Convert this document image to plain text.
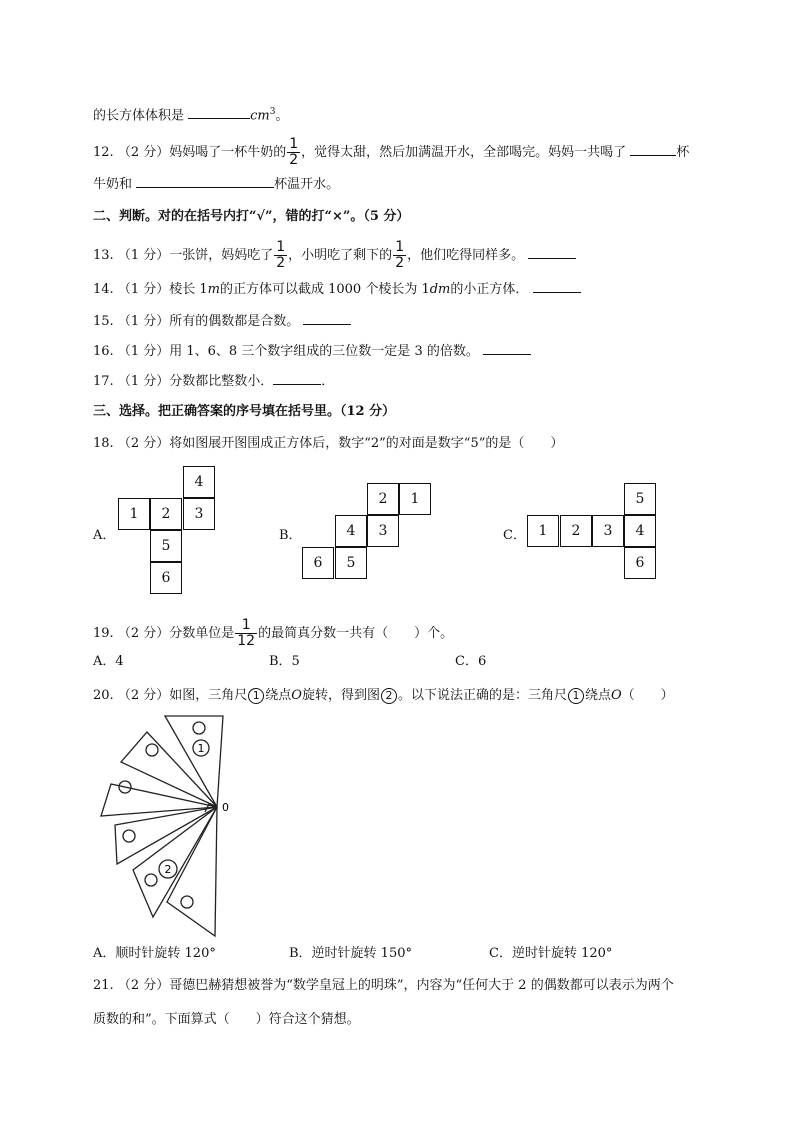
的长方体体积是	$cm^3$。
12. （2 分）妈妈喝了一杯牛奶的 $\frac{1}{2}$ ，觉得太甜，然后加满温开水，全部喝完。妈妈一共喝了	杯
牛奶和	杯温开水。
二、判断。对的在括号内打“√”，错的打“×”。（5 分）
13. （1 分）一张饼，妈妈吃了 $\frac{1}{2}$ ，小明吃了剩下的 $\frac{1}{2}$ ，他们吃得同样多。
14. （1 分）棱长 1m的正方体可以截成 1000 个棱长为 1dm的小正方体．
15. （1 分）所有的偶数都是合数。
16. （1 分）用 1、6、8 三个数字组成的三位数一定是 3 的倍数。
17. （1 分）分数都比整数小．	．
三、选择。把正确答案的序号填在括号里。（12 分）
18. （2 分）将如图展开图围成正方体后，数字“2”的对面是数字“5”的是（　　）
A．
4
1	2	3
5
6
B．
2	1
4	3
6	5
C．
5
1	2	3	4
6
19. （2 分）分数单位是 $\frac{1}{12}$ 的最简真分数一共有（　　）个。
A．4	B．5	C．6
20. （2 分）如图，三角尺 1 绕点O旋转，得到图 2 。以下说法正确的是：三角尺 1 绕点O（　　）
1
2
0
A．顺时针旋转 120°	B．逆时针旋转 150°	C．逆时针旋转 120°
21. （2 分）哥德巴赫猜想被誉为“数学皇冠上的明珠”，内容为“任何大于 2 的偶数都可以表示为两个
质数的和”。下面算式（　　）符合这个猜想。
